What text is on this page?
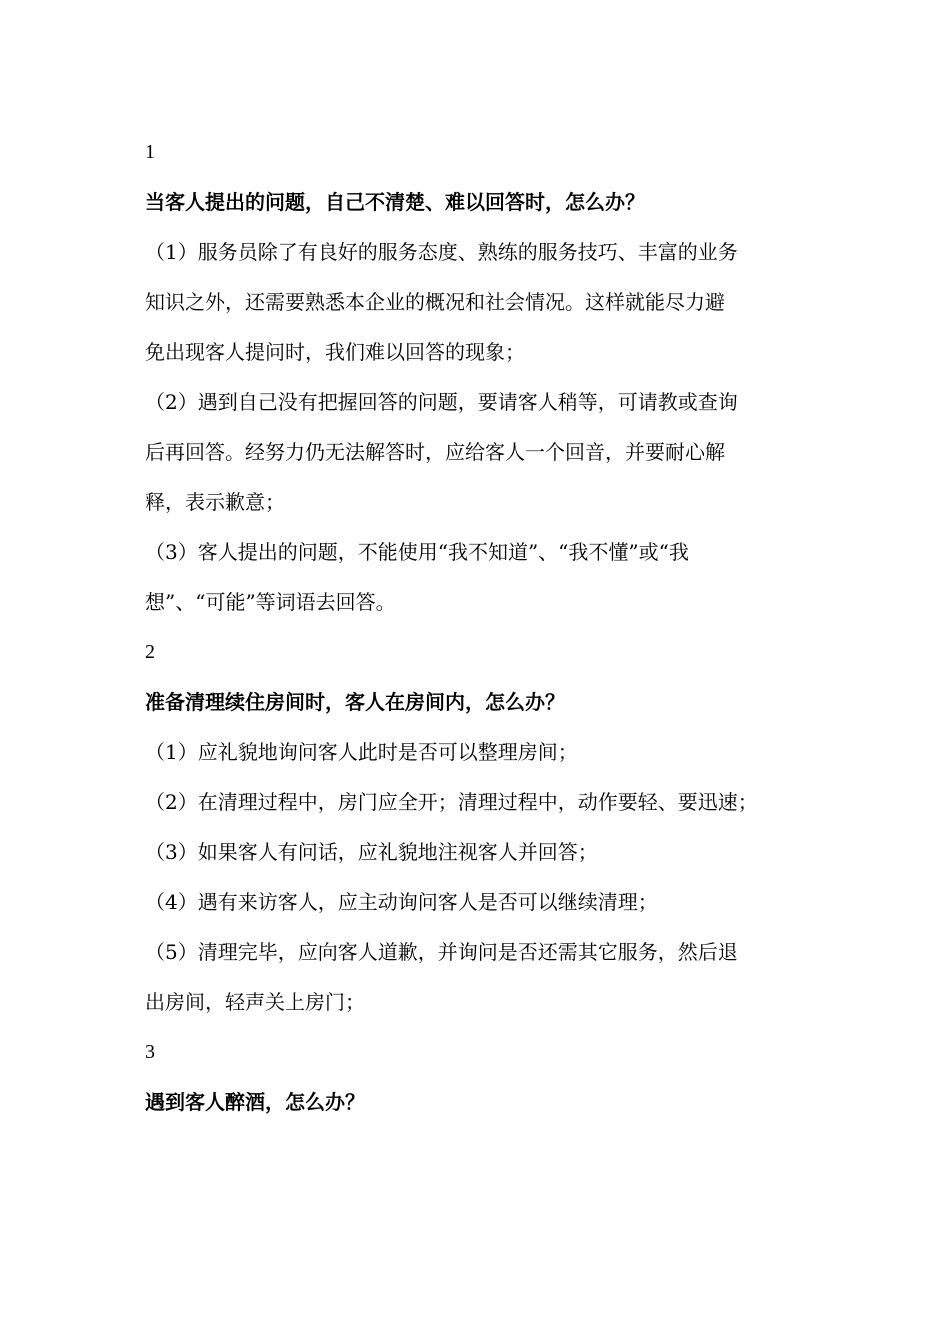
1
当客人提出的问题，自己不清楚、难以回答时，怎么办？
（1）服务员除了有良好的服务态度、熟练的服务技巧、丰富的业务
知识之外，还需要熟悉本企业的概况和社会情况。这样就能尽力避
免出现客人提问时，我们难以回答的现象；
（2）遇到自己没有把握回答的问题，要请客人稍等，可请教或查询
后再回答。经努力仍无法解答时，应给客人一个回音，并要耐心解
释，表示歉意；
（3）客人提出的问题，不能使用“我不知道”、“我不懂”或“我
想”、“可能”等词语去回答。
2
准备清理续住房间时，客人在房间内，怎么办？
（1）应礼貌地询问客人此时是否可以整理房间；
（2）在清理过程中，房门应全开；清理过程中，动作要轻、要迅速；
（3）如果客人有问话，应礼貌地注视客人并回答；
（4）遇有来访客人，应主动询问客人是否可以继续清理；
（5）清理完毕，应向客人道歉，并询问是否还需其它服务，然后退
出房间，轻声关上房门；
3
遇到客人醉酒，怎么办？
